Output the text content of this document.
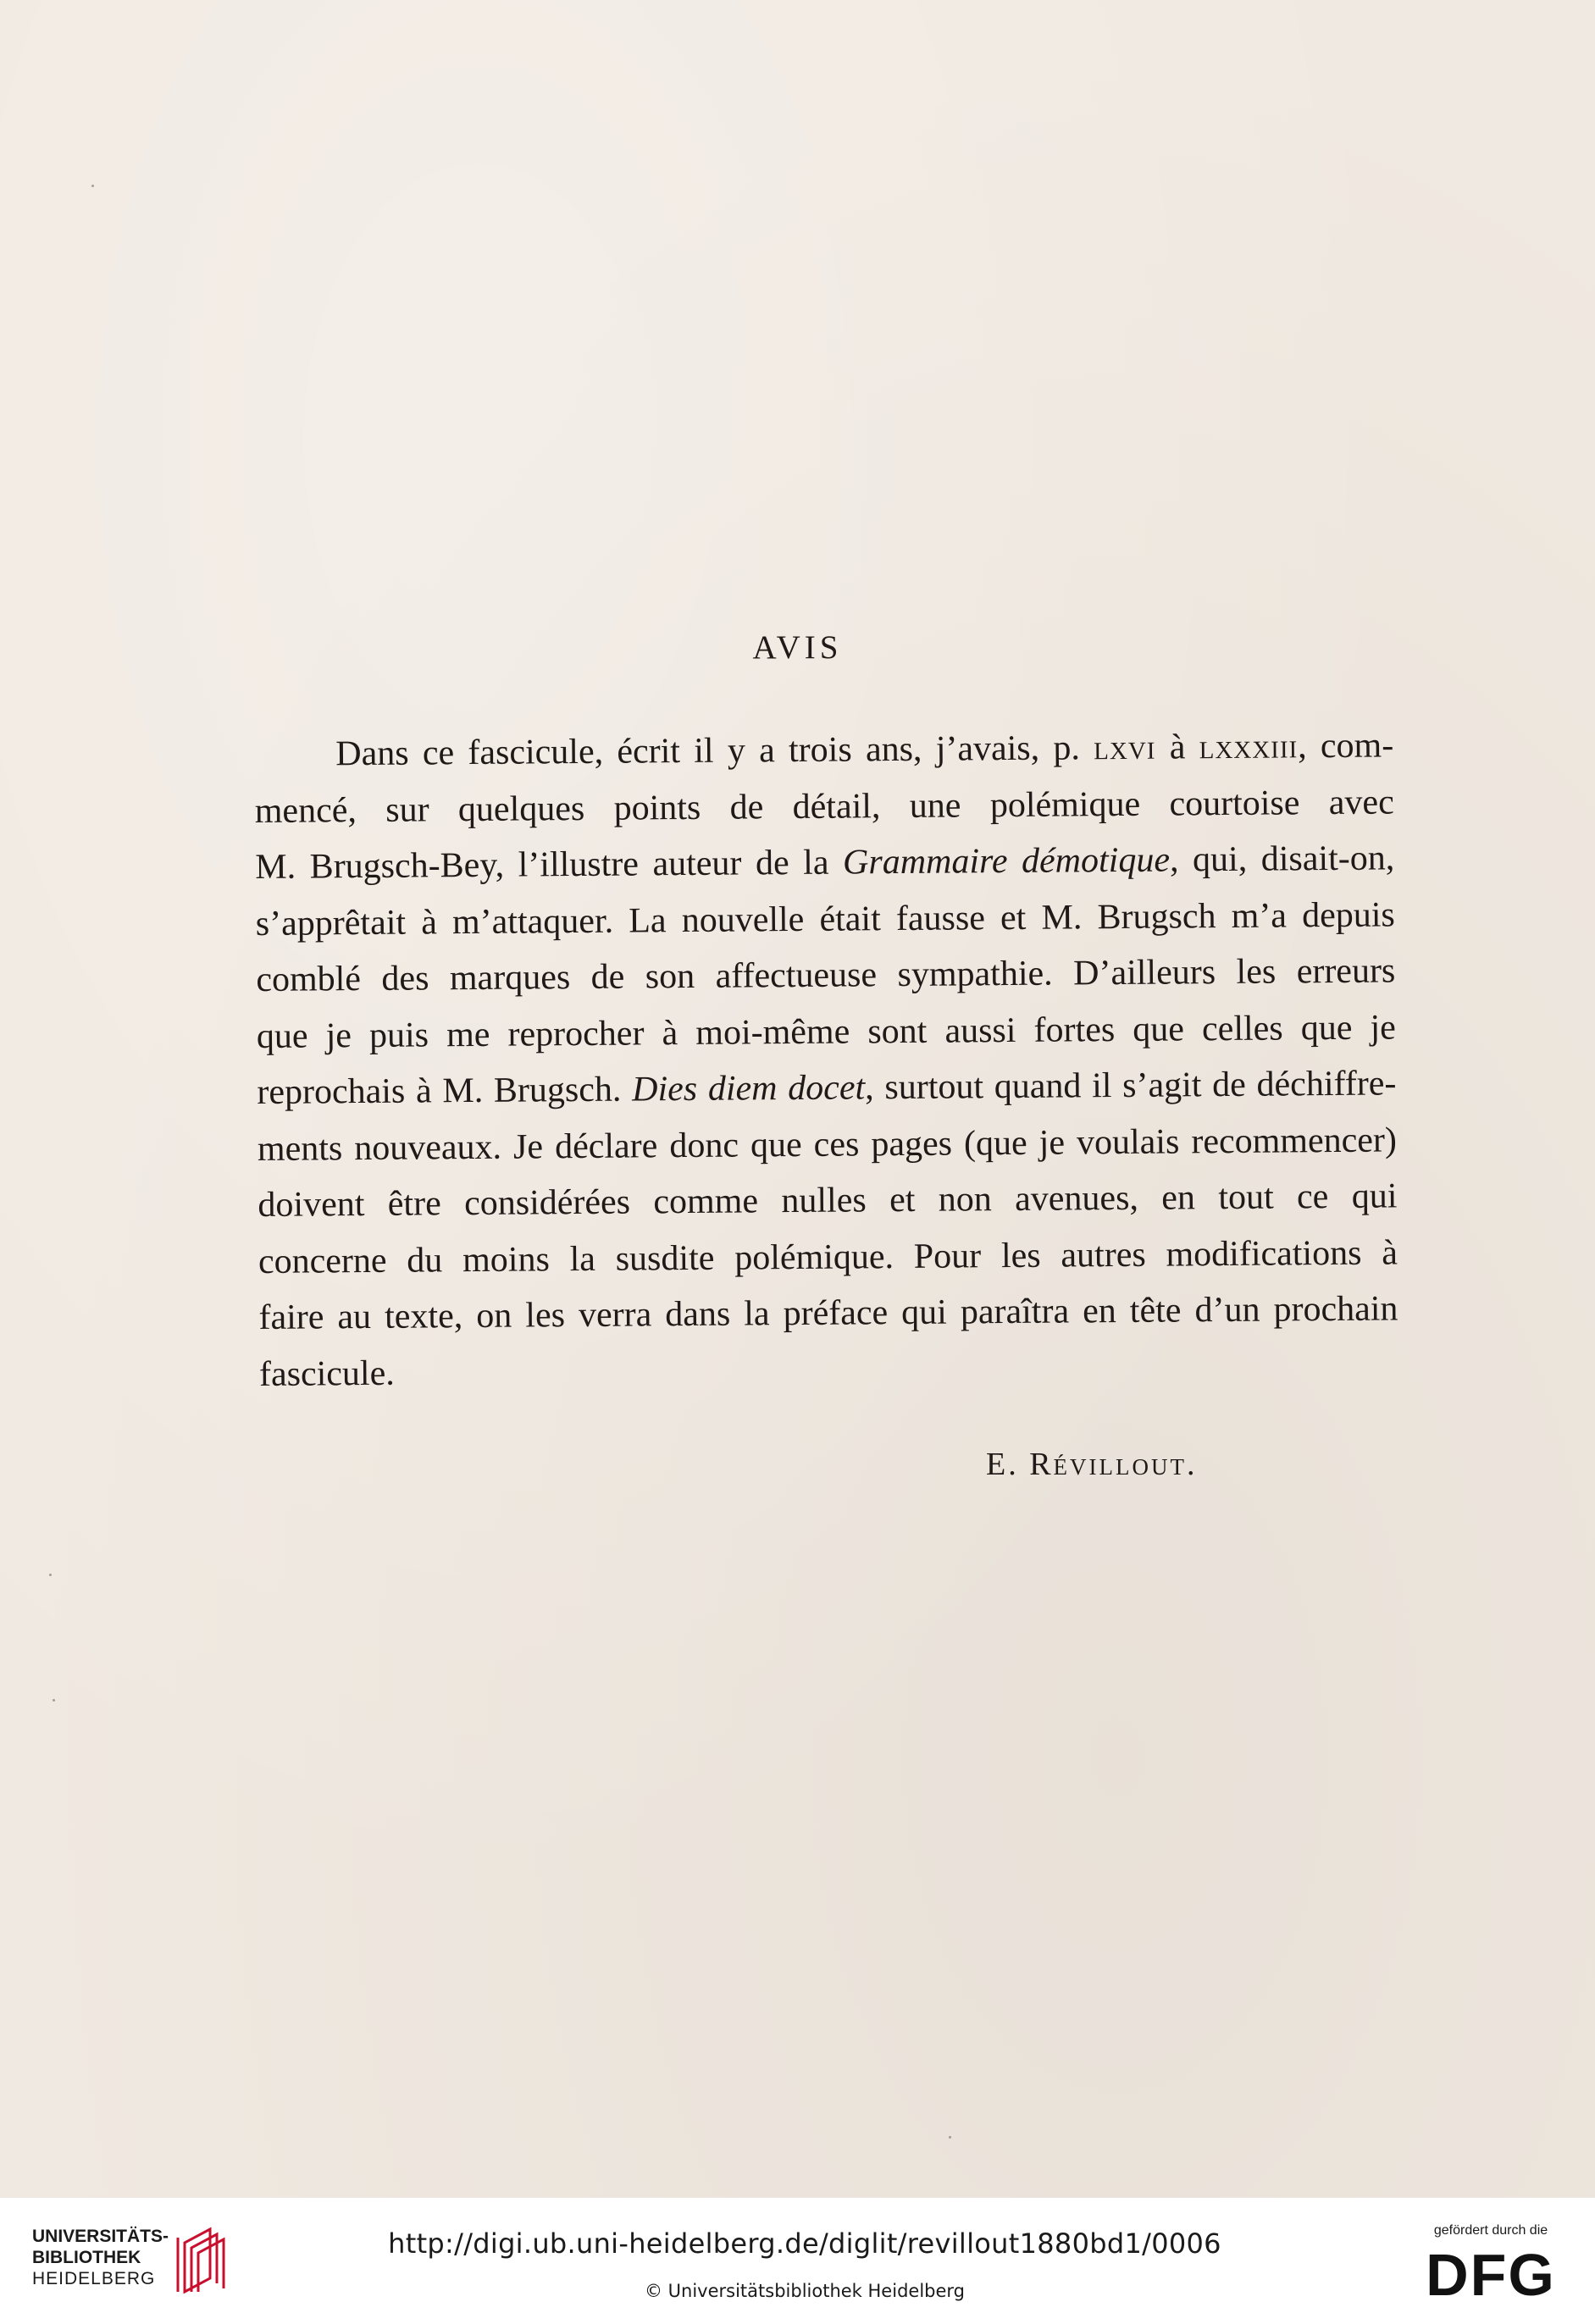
AVIS
Dans ce fascicule, écrit il y a trois ans, j’avais, p. lxvi à lxxxiii, com-
mencé, sur quelques points de détail, une polémique courtoise avec
M. Brugsch-Bey, l’illustre auteur de la Grammaire démotique, qui, disait-on,
s’apprêtait à m’attaquer. La nouvelle était fausse et M. Brugsch m’a depuis
comblé des marques de son affectueuse sympathie. D’ailleurs les erreurs
que je puis me reprocher à moi-même sont aussi fortes que celles que je
reprochais à M. Brugsch. Dies diem docet, surtout quand il s’agit de déchiffre-
ments nouveaux. Je déclare donc que ces pages (que je voulais recommencer)
doivent être considérées comme nulles et non avenues, en tout ce qui
concerne du moins la susdite polémique. Pour les autres modifications à
faire au texte, on les verra dans la préface qui paraîtra en tête d’un prochain
fascicule.
E. Révillout.
UNIVERSITÄTS-
BIBLIOTHEK
HEIDELBERG
http://digi.ub.uni-heidelberg.de/diglit/revillout1880bd1/0006
© Universitätsbibliothek Heidelberg
gefördert durch die
DFG
